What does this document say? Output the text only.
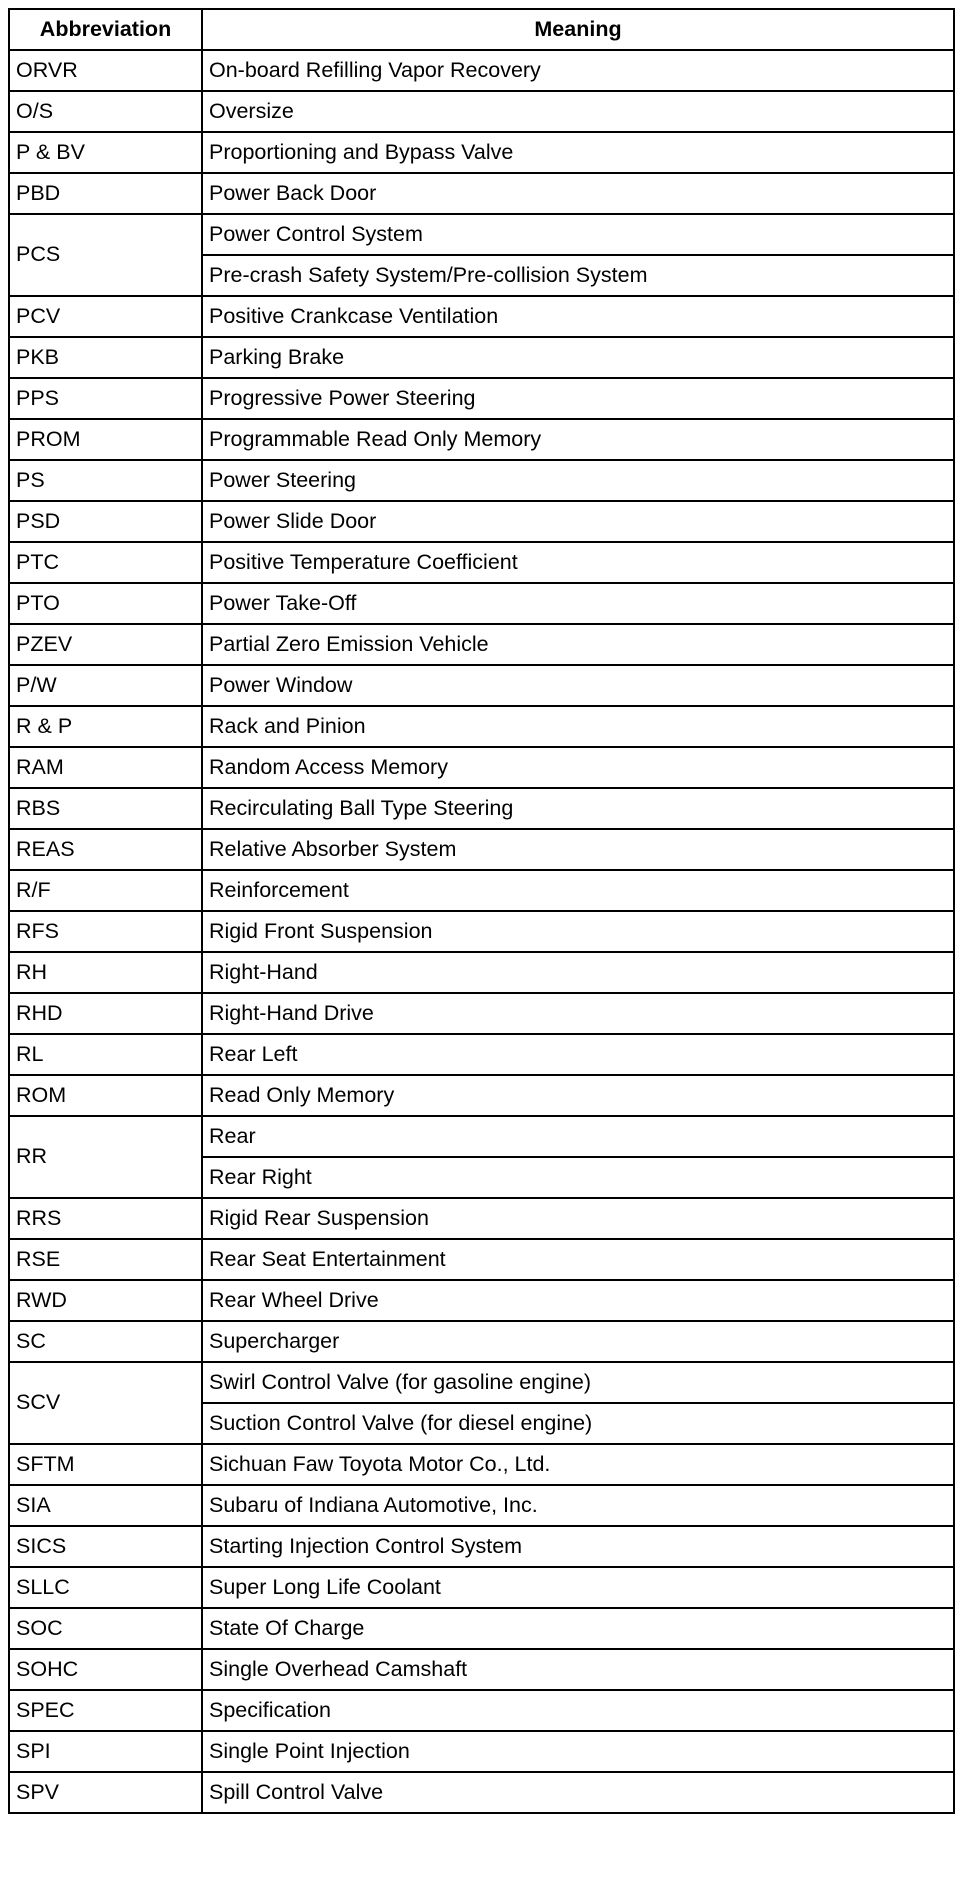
Abbreviation	Meaning
ORVR	On-board Refilling Vapor Recovery
O/S	Oversize
P & BV	Proportioning and Bypass Valve
PBD	Power Back Door
PCS	Power Control System
	Pre-crash Safety System/Pre-collision System
PCV	Positive Crankcase Ventilation
PKB	Parking Brake
PPS	Progressive Power Steering
PROM	Programmable Read Only Memory
PS	Power Steering
PSD	Power Slide Door
PTC	Positive Temperature Coefficient
PTO	Power Take-Off
PZEV	Partial Zero Emission Vehicle
P/W	Power Window
R & P	Rack and Pinion
RAM	Random Access Memory
RBS	Recirculating Ball Type Steering
REAS	Relative Absorber System
R/F	Reinforcement
RFS	Rigid Front Suspension
RH	Right-Hand
RHD	Right-Hand Drive
RL	Rear Left
ROM	Read Only Memory
RR	Rear
	Rear Right
RRS	Rigid Rear Suspension
RSE	Rear Seat Entertainment
RWD	Rear Wheel Drive
SC	Supercharger
SCV	Swirl Control Valve (for gasoline engine)
	Suction Control Valve (for diesel engine)
SFTM	Sichuan Faw Toyota Motor Co., Ltd.
SIA	Subaru of Indiana Automotive, Inc.
SICS	Starting Injection Control System
SLLC	Super Long Life Coolant
SOC	State Of Charge
SOHC	Single Overhead Camshaft
SPEC	Specification
SPI	Single Point Injection
SPV	Spill Control Valve
